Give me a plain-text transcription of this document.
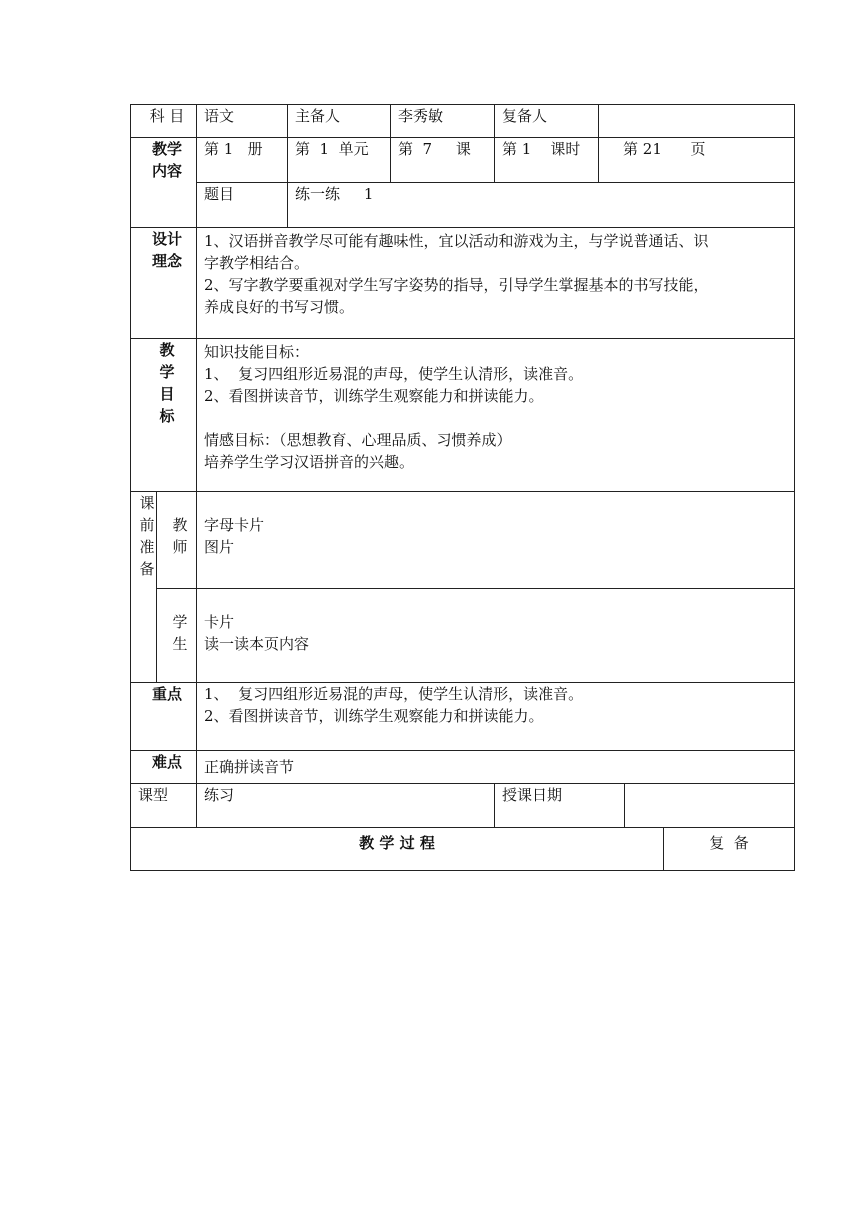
科 目		语文	主备人	李秀敏	复备人		
教学内容		第 1   册	第  1  单元	第  7     课	第 1    课时	第 21      页	
		题目	练一练     1				
设计理念		1、汉语拼音教学尽可能有趣味性，宜以活动和游戏为主，与学说普通话、识
字教学相结合。
2、写字教学要重视对学生写字姿势的指导，引导学生掌握基本的书写技能，
养成良好的书写习惯。					

教
学
目
标		知识技能目标：
1、  复习四组形近易混的声母，使学生认清形，读准音。
2、看图拼读音节，训练学生观察能力和拼读能力。
情感目标：（思想教育、心理品质、习惯养成）
培养学生学习汉语拼音的兴趣。					

课
前
准
备	教
师	字母卡片
图片					

	学
生	卡片
读一读本页内容					

重点		1、  复习四组形近易混的声母，使学生认清形，读准音。
2、看图拼读音节，训练学生观察能力和拼读能力。					

难点		正确拼读音节					
课型		练习			授课日期		
教 学 过 程	复  备
